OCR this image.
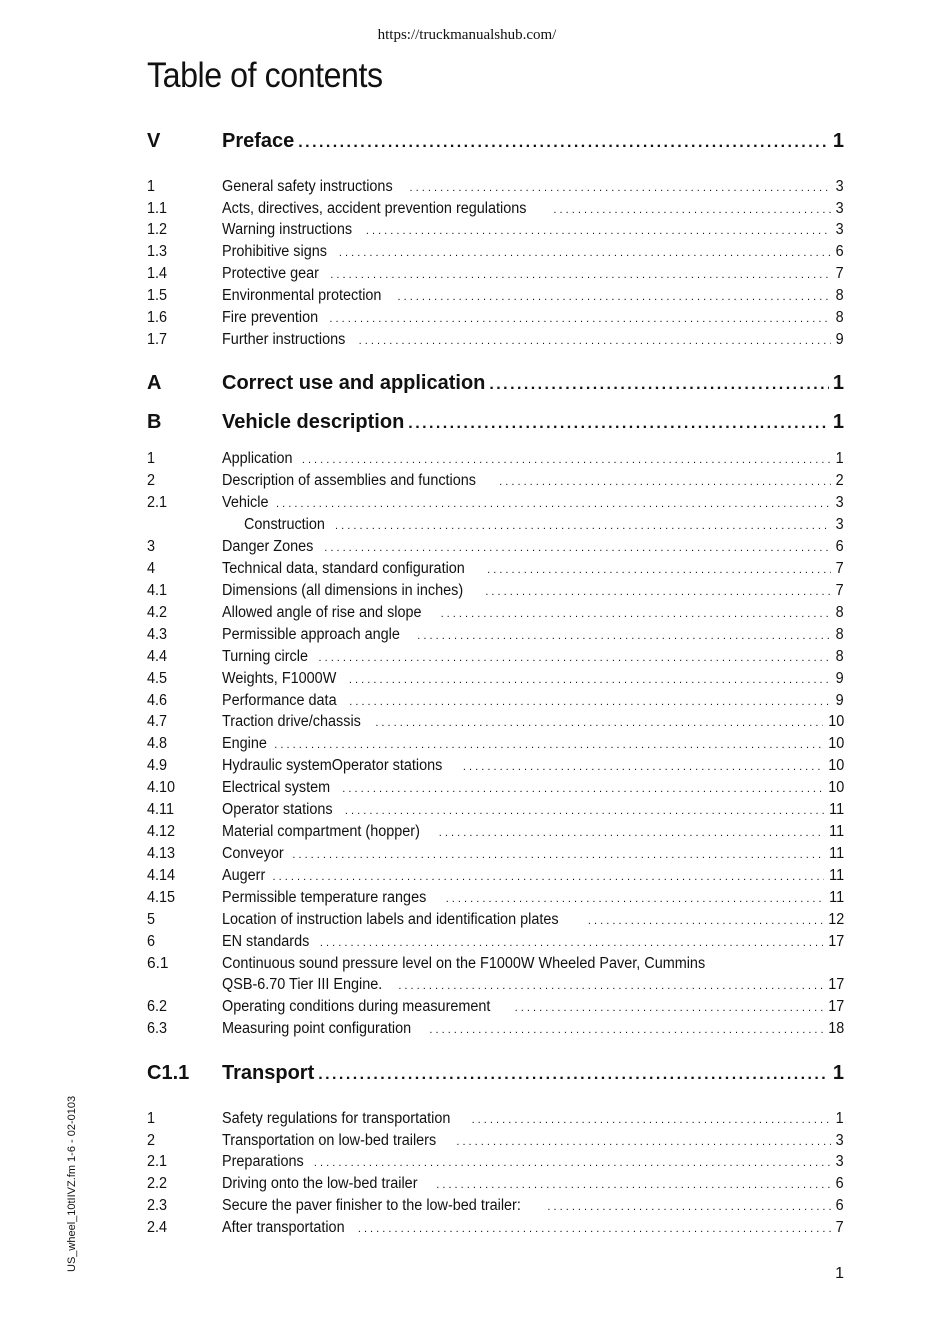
https://truckmanualshub.com/
Table of contents
V	Preface . . .	1
1	General safety instructions . . .	3
1.1	Acts, directives, accident prevention regulations . . .	3
1.2	Warning instructions . . .	3
1.3	Prohibitive signs . . .	6
1.4	Protective gear . . .	7
1.5	Environmental protection . . .	8
1.6	Fire prevention . . .	8
1.7	Further instructions . . .	9
A	Correct use and application . . .	1
B	Vehicle description . . .	1
1	Application . . .	1
2	Description of assemblies and functions . . .	2
2.1	Vehicle . . .	3
Construction . . .	3
3	Danger Zones . . .	6
4	Technical data, standard configuration . . .	7
4.1	Dimensions (all dimensions in inches) . . .	7
4.2	Allowed angle of rise and slope . . .	8
4.3	Permissible approach angle . . .	8
4.4	Turning circle . . .	8
4.5	Weights, F1000W . . .	9
4.6	Performance data . . .	9
4.7	Traction drive/chassis . . .	10
4.8	Engine . . .	10
4.9	Hydraulic systemOperator stations . . .	10
4.10	Electrical system . . .	10
4.11	Operator stations . . .	11
4.12	Material compartment (hopper) . . .	11
4.13	Conveyor . . .	11
4.14	Augerr . . .	11
4.15	Permissible temperature ranges . . .	11
5	Location of instruction labels and identification plates . . .	12
6	EN standards . . .	17
6.1	Continuous sound pressure level on the F1000W Wheeled Paver, Cummins
QSB-6.70 Tier III Engine. . . .	17
6.2	Operating conditions during measurement . . .	17
6.3	Measuring point configuration . . .	18
C1.1	Transport . . .	1
1	Safety regulations for transportation . . .	1
2	Transportation on low-bed trailers . . .	3
2.1	Preparations . . .	3
2.2	Driving onto the low-bed trailer . . .	6
2.3	Secure the paver finisher to the low-bed trailer: . . .	6
2.4	After transportation . . .	7
US_wheel_10tIIVZ.fm 1-6 - 02-0103
1
